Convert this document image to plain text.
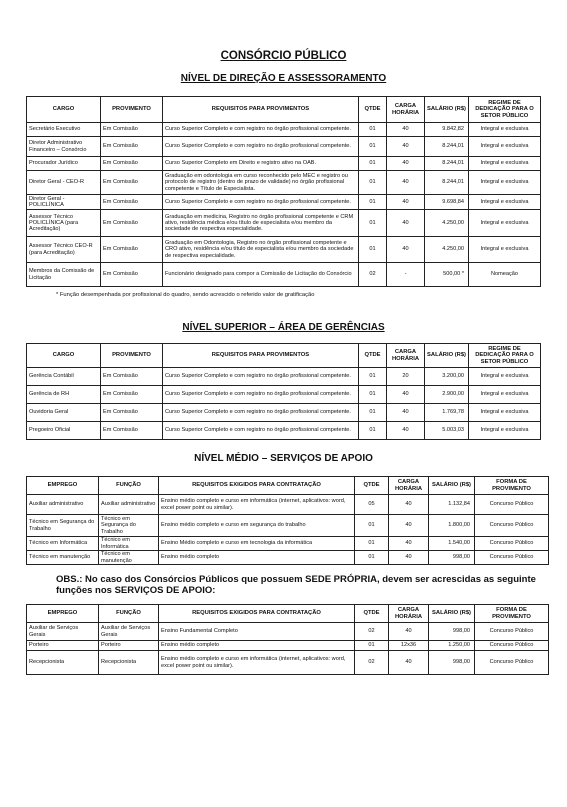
CONSÓRCIO PÚBLICO
NÍVEL DE DIREÇÃO E ASSESSORAMENTO
CARGO	PROVIMENTO	REQUISITOS PARA PROVIMENTOS	QTDE	CARGA HORÁRIA	SALÁRIO (R$)	REGIME DE DEDICAÇÃO PARA O SETOR PÚBLICO
Secretário Executivo	Em Comissão	Curso Superior Completo e com registro no órgão profissional competente.	01	40	9.842,82	Integral e exclusiva
Diretor Administrativo Financeiro – Consórcio	Em Comissão	Curso Superior Completo e com registro no órgão profissional competente.	01	40	8.244,01	Integral e exclusiva
Procurador Jurídico	Em Comissão	Curso Superior Completo em Direito e registro ativo na OAB.	01	40	8.244,01	Integral e exclusiva
Diretor Geral - CEO-R	Em Comissão	Graduação em odontologia em curso reconhecido pelo MEC e registro ou protocolo de registro (dentro de prazo de validade) no órgão profissional competente e Título de Especialista.	01	40	8.244,01	Integral e exclusiva
Diretor Geral - POLICLÍNICA	Em Comissão	Curso Superior Completo e com registro no órgão profissional competente.	01	40	9.698,84	Integral e exclusiva
Assessor Técnico POLICLÍNICA (para Acreditação)	Em Comissão	Graduação em medicina, Registro no órgão profissional competente e CRM ativo, residência médica e/ou título de especialista e/ou membro da sociedade de respectiva especialidade.	01	40	4.250,00	Integral e exclusiva
Assessor Técnico CEO-R (para Acreditação)	Em Comissão	Graduação em Odontologia, Registro no órgão profissional competente e CRO ativo, residência e/ou título de especialista e/ou membro da sociedade de respectiva especialidade.	01	40	4.250,00	Integral e exclusiva
Membros da Comissão de Licitação	Em Comissão	Funcionário designado para compor a Comissão de Licitação do Consórcio	02	-	500,00 *	Nomeação
* Função desempenhada por profissional do quadro, sendo acrescido o referido valor de gratificação
NÍVEL SUPERIOR – ÁREA DE GERÊNCIAS
CARGO	PROVIMENTO	REQUISITOS PARA PROVIMENTOS	QTDE	CARGA HORÁRIA	SALÁRIO (R$)	REGIME DE DEDICAÇÃO PARA O SETOR PÚBLICO
Gerência Contábil	Em Comissão	Curso Superior Completo e com registro no órgão profissional competente.	01	20	3.200,00	Integral e exclusiva
Gerência de RH	Em Comissão	Curso Superior Completo e com registro no órgão profissional competente.	01	40	2.900,00	Integral e exclusiva
Ouvidoria Geral	Em Comissão	Curso Superior Completo e com registro no órgão profissional competente.	01	40	1.769,78	Integral e exclusiva
Pregoeiro Oficial	Em Comissão	Curso Superior Completo e com registro no órgão profissional competente.	01	40	5.003,03	Integral e exclusiva
NÍVEL MÉDIO – SERVIÇOS DE APOIO
EMPREGO	FUNÇÃO	REQUISITOS EXIGIDOS PARA CONTRATAÇÃO	QTDE	CARGA HORÁRIA	SALÁRIO (R$)	FORMA DE PROVIMENTO
Auxiliar administrativo	Auxiliar administrativo	Ensino médio completo e curso em informática (internet, aplicativos: word, excel power point ou similar).	05	40	1.132,84	Concurso Público
Técnico em Segurança do Trabalho	Técnico em Segurança do Trabalho	Ensino médio completo e curso em segurança do trabalho	01	40	1.800,00	Concurso Público
Técnico em Informática	Técnico em Informática	Ensino Médio completo e curso em tecnologia da informática	01	40	1.540,00	Concurso Público
Técnico em manutenção	Técnico em manutenção	Ensino médio completo	01	40	998,00	Concurso Público
OBS.: No caso dos Consórcios Públicos que possuem SEDE PRÓPRIA, devem ser acrescidas as seguinte funções nos SERVIÇOS DE APOIO:
EMPREGO	FUNÇÃO	REQUISITOS EXIGIDOS PARA CONTRATAÇÃO	QTDE	CARGA HORÁRIA	SALÁRIO (R$)	FORMA DE PROVIMENTO
Auxiliar de Serviços Gerais	Auxiliar de Serviços Gerais	Ensino Fundamental Completo	02	40	998,00	Concurso Público
Porteiro	Porteiro	Ensino médio completo	01	12x36	1.250,00	Concurso Público
Recepcionista	Recepcionista	Ensino médio completo e curso em informática (internet, aplicativos: word, excel power point ou similar).	02	40	998,00	Concurso Público
